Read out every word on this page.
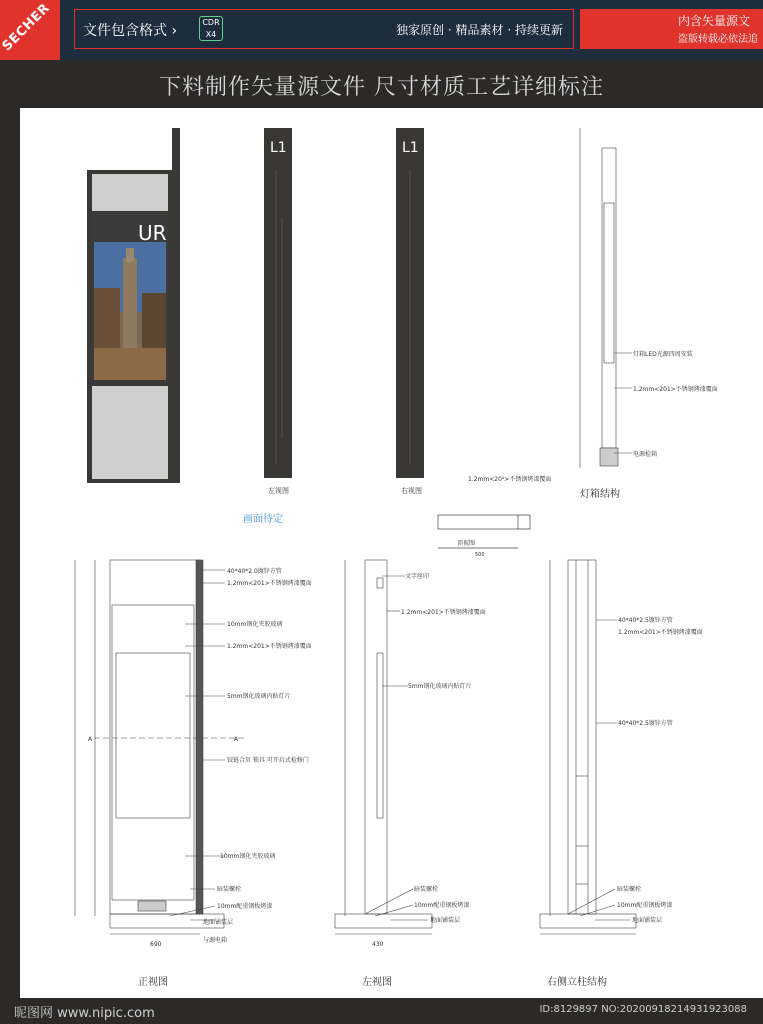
SECHER 文件包含格式 ›
CDR
X4	独家原创 · 精品素材 · 持续更新
内含矢量源文
盗版转载必依法追
下料制作矢量源文件 尺寸材质工艺详细标注
UR
画面待定
L1
左视图
L1
右视图
灯箱LED光源四周安装
1.2mm<201>不锈钢烤漆覆面
电源检箱
灯箱结构
1.2mm<20¹>不锈钢烤漆覆面
顶视图
500
40*40*2.0镀锌方管
1.2mm<201>不锈钢烤漆覆面
10mm钢化夹胶玻璃
1.2mm<201>不锈钢烤漆覆面
5mm钢化玻璃内贴灯片
铰链合页 锁具 可开启式检修门
10mm钢化夹胶玻璃
暗装螺栓
10mm配重钢板烤漆
地面铺装层
与源电箱
A	A
690
正视图
文字丝印
1.2mm<201>不锈钢烤漆覆面
5mm钢化玻璃内贴灯片
暗装螺栓
10mm配重钢板烤漆
地面铺装层
430
左视图
40*40*2.5镀锌方管
1.2mm<201>不锈钢烤漆覆面
40*40*2.5镀锌方管
暗装螺栓
10mm配重钢板烤漆
地面铺装层
右侧立柱结构
昵图网 www.nipic.com	ID:8129897 NO:20200918214931923088
